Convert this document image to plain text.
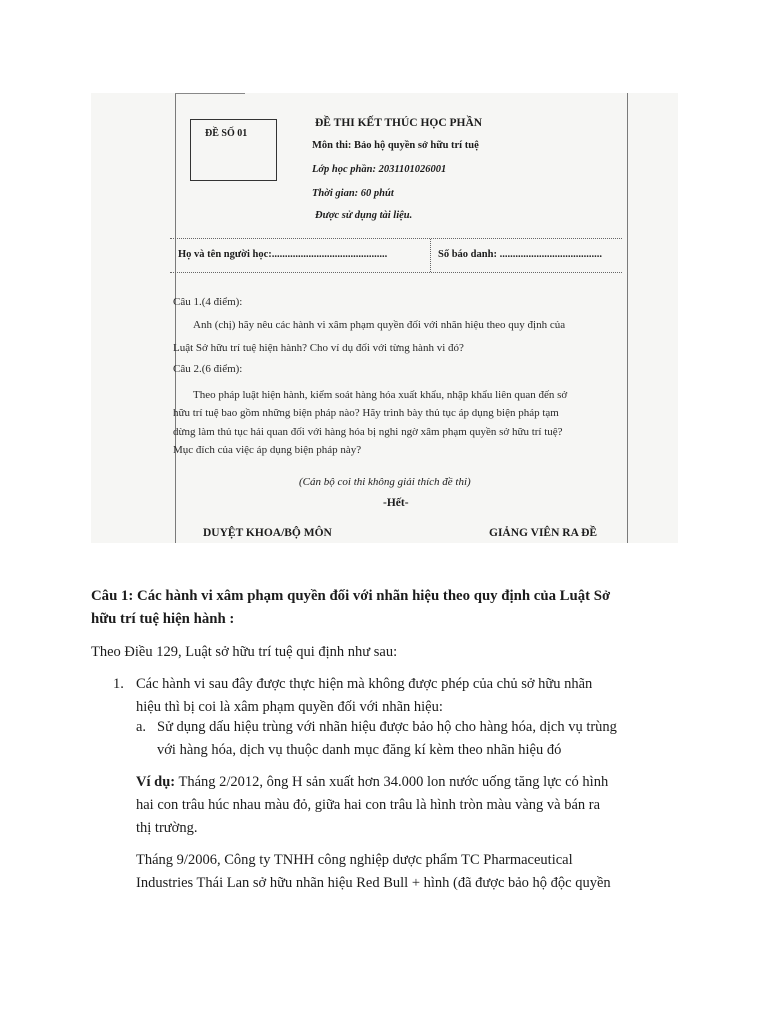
ĐỀ SỐ 01
ĐỀ THI KẾT THÚC HỌC PHẦN
Môn thi: Bảo hộ quyền sở hữu trí tuệ
Lớp học phần: 2031101026001
Thời gian: 60 phút
Được sử dụng tài liệu.
Họ và tên người học:............................................	Số báo danh: .......................................
Câu 1.(4 điểm):
Anh (chị) hãy nêu các hành vi xâm phạm quyền đối với nhãn hiệu theo quy định của
Luật Sở hữu trí tuệ hiện hành? Cho ví dụ đối với từng hành vi đó?
Câu 2.(6 điểm):
Theo pháp luật hiện hành, kiểm soát hàng hóa xuất khẩu, nhập khẩu liên quan đến sở
hữu trí tuệ bao gồm những biện pháp nào? Hãy trình bày thủ tục áp dụng biện pháp tạm
dừng làm thủ tục hải quan đối với hàng hóa bị nghi ngờ xâm phạm quyền sở hữu trí tuệ?
Mục đích của việc áp dụng biện pháp này?
(Cán bộ coi thi không giải thích đề thi)
-Hết-
DUYỆT KHOA/BỘ MÔN	GIẢNG VIÊN RA ĐỀ
Câu 1: Các hành vi xâm phạm quyền đối với nhãn hiệu theo quy định của Luật Sở
hữu trí tuệ hiện hành :
Theo Điều 129, Luật sở hữu trí tuệ qui định như sau:
1. Các hành vi sau đây được thực hiện mà không được phép của chủ sở hữu nhãn
hiệu thì bị coi là xâm phạm quyền đối với nhãn hiệu:
a. Sử dụng dấu hiệu trùng với nhãn hiệu được bảo hộ cho hàng hóa, dịch vụ trùng
với hàng hóa, dịch vụ thuộc danh mục đăng kí kèm theo nhãn hiệu đó
Ví dụ: Tháng 2/2012, ông H sản xuất hơn 34.000 lon nước uống tăng lực có hình
hai con trâu húc nhau màu đỏ, giữa hai con trâu là hình tròn màu vàng và bán ra
thị trường.
Tháng 9/2006, Công ty TNHH công nghiệp dược phẩm TC Pharmaceutical
Industries Thái Lan sở hữu nhãn hiệu Red Bull + hình (đã được bảo hộ độc quyền
